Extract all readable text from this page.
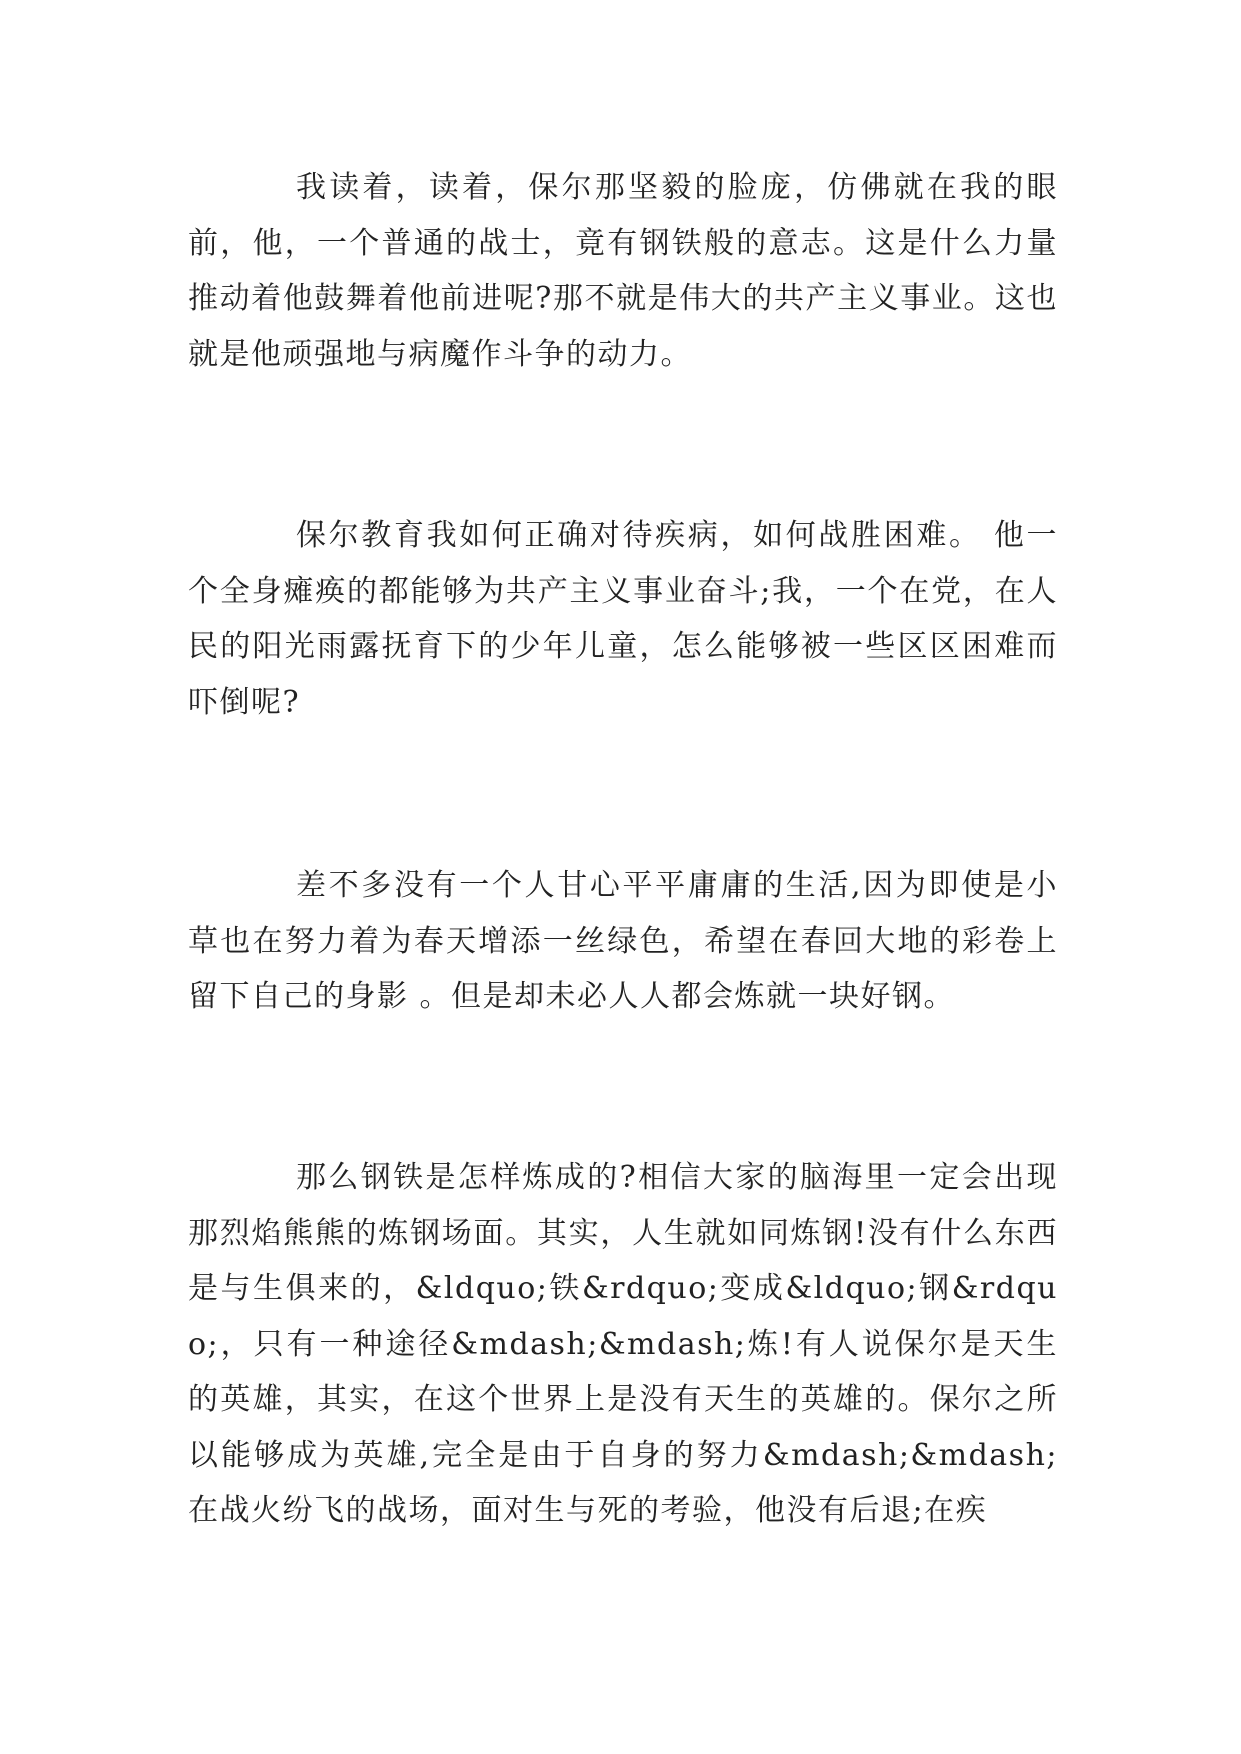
我读着，读着，保尔那坚毅的脸庞，仿佛就在我的眼前，他，一个普通的战士，竟有钢铁般的意志。这是什么力量推动着他鼓舞着他前进呢?那不就是伟大的共产主义事业。这也就是他顽强地与病魔作斗争的动力。

保尔教育我如何正确对待疾病，如何战胜困难。 他一个全身瘫痪的都能够为共产主义事业奋斗;我，一个在党，在人民的阳光雨露抚育下的少年儿童，怎么能够被一些区区困难而吓倒呢?

差不多没有一个人甘心平平庸庸的生活,因为即使是小草也在努力着为春天增添一丝绿色，希望在春回大地的彩卷上留下自己的身影 。但是却未必人人都会炼就一块好钢。

那么钢铁是怎样炼成的?相信大家的脑海里一定会出现那烈焰熊熊的炼钢场面。其实，人生就如同炼钢!没有什么东西是与生俱来的，&ldquo;铁&rdquo;变成&ldquo;钢&rdquo;，只有一种途径&mdash;&mdash;炼!有人说保尔是天生的英雄，其实，在这个世界上是没有天生的英雄的。保尔之所以能够成为英雄,完全是由于自身的努力&mdash;&mdash;在战火纷飞的战场，面对生与死的考验，他没有后退;在疾
